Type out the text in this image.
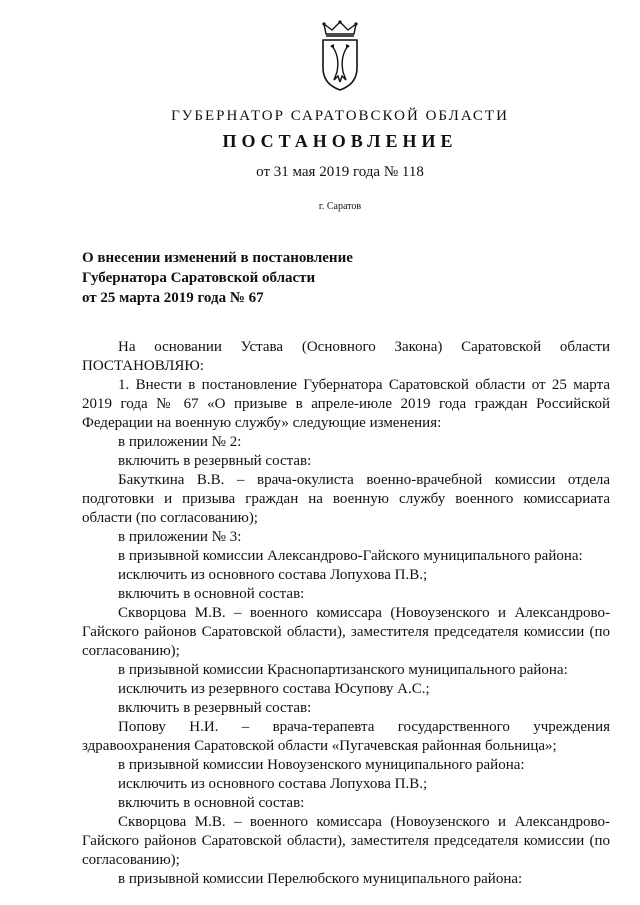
ГУБЕРНАТОР САРАТОВСКОЙ ОБЛАСТИ
ПОСТАНОВЛЕНИЕ
от 31 мая 2019 года № 118
г. Саратов
О внесении изменений в постановление
Губернатора Саратовской области
от 25 марта 2019 года № 67

На основании Устава (Основного Закона) Саратовской области ПОСТАНОВЛЯЮ:

1. Внести в постановление Губернатора Саратовской области от 25 марта 2019 года № 67 «О призыве в апреле-июле 2019 года граждан Российской Федерации на военную службу» следующие изменения:

в приложении № 2:

включить в резервный состав:

Бакуткина В.В. – врача-окулиста военно-врачебной комиссии отдела подготовки и призыва граждан на военную службу военного комиссариата области (по согласованию);

в приложении № 3:

в призывной комиссии Александрово-Гайского муниципального района:

исключить из основного состава Лопухова П.В.;

включить в основной состав:

Скворцова М.В. – военного комиссара (Новоузенского и Александрово-Гайского районов Саратовской области), заместителя председателя комиссии (по согласованию);

в призывной комиссии Краснопартизанского муниципального района:

исключить из резервного состава Юсупову А.С.;

включить в резервный состав:

Попову Н.И. – врача-терапевта государственного учреждения здравоохранения Саратовской области «Пугачевская районная больница»;

в призывной комиссии Новоузенского муниципального района:

исключить из основного состава Лопухова П.В.;

включить в основной состав:

Скворцова М.В. – военного комиссара (Новоузенского и Александрово-Гайского районов Саратовской области), заместителя председателя комиссии (по согласованию);

в призывной комиссии Перелюбского муниципального района:
